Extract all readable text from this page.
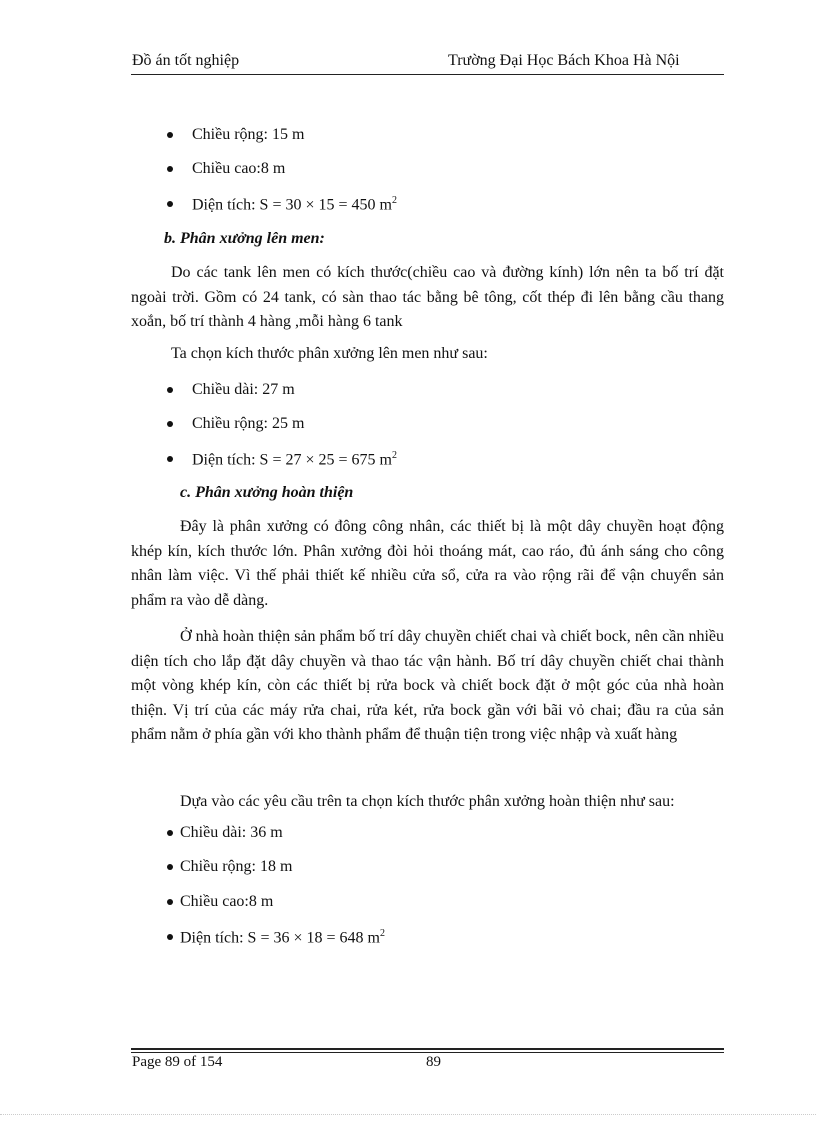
Đồ án tốt nghiệp	Trường Đại Học Bách Khoa Hà Nội
Chiều rộng: 15 m
Chiều cao:8 m
Diện tích: S = 30 × 15 = 450 $m^2$
b. Phân xưởng lên men:

Do các tank lên men có kích thước(chiều cao và đường kính) lớn nên ta bố trí đặt ngoài trời. Gồm có 24 tank, có sàn thao tác bằng bê tông, cốt thép đi lên bằng cầu thang xoắn, bố trí thành 4 hàng ,mỗi hàng 6 tank

Ta chọn kích thước phân xưởng lên men như sau:

Chiều dài: 27 m
Chiều rộng: 25 m
Diện tích: S = 27 × 25 = 675 $m^2$
c. Phân xưởng hoàn thiện

Đây là phân xưởng có đông công nhân, các thiết bị là một dây chuyền hoạt động khép kín, kích thước lớn. Phân xưởng đòi hỏi thoáng mát, cao ráo, đủ ánh sáng cho công nhân làm việc. Vì thế phải thiết kế nhiều cửa sổ, cửa ra vào rộng rãi để vận chuyển sản phẩm ra vào dễ dàng.

Ở nhà hoàn thiện sản phẩm bố trí dây chuyền chiết chai và chiết bock, nên cần nhiều diện tích cho lắp đặt dây chuyền và thao tác vận hành. Bố trí dây chuyền chiết chai thành một vòng khép kín, còn các thiết bị rửa bock và chiết bock đặt ở một góc của nhà hoàn thiện. Vị trí của các máy rửa chai, rửa két, rửa bock gần với bãi vỏ chai; đầu ra của sản phẩm nằm ở phía gần với kho thành phẩm để thuận tiện trong việc nhập và xuất hàng

Dựa vào các yêu cầu trên ta chọn kích thước phân xưởng hoàn thiện như sau:

Chiều dài: 36 m
Chiều rộng: 18 m
Chiều cao:8 m
Diện tích: S = 36 × 18 = 648 $m^2$
Page 89 of 154	89
